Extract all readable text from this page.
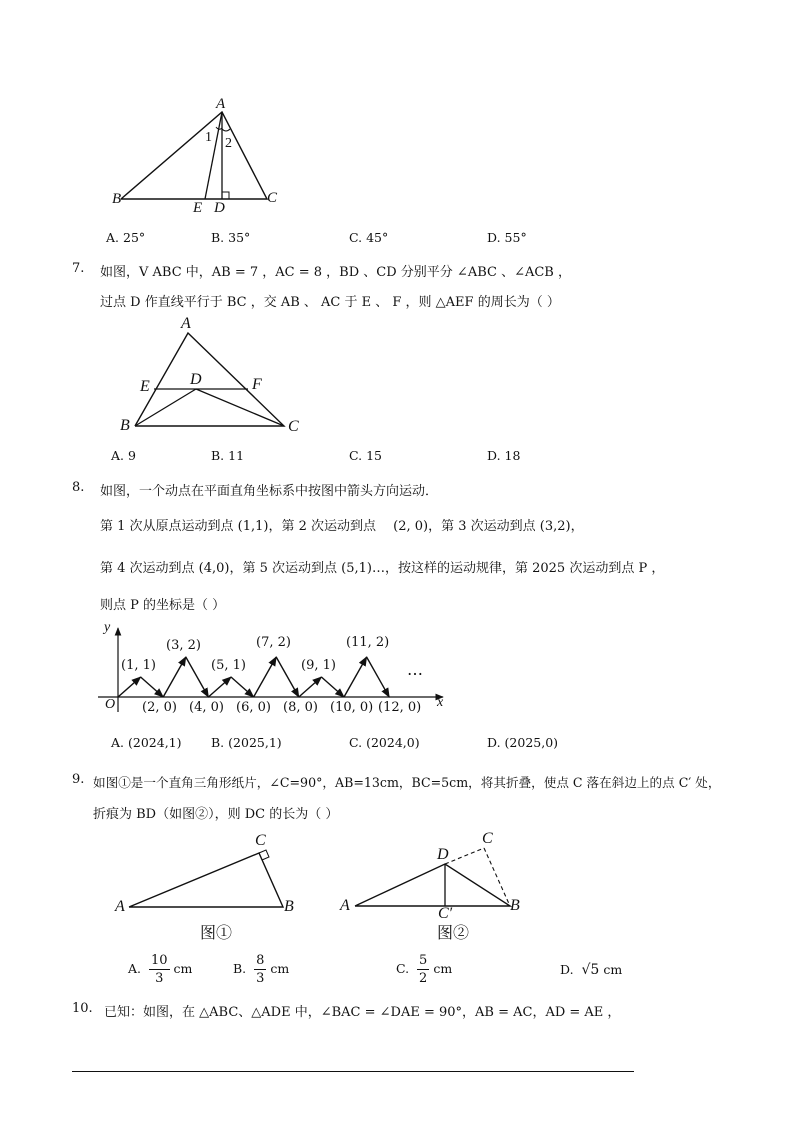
A
B	C
D
E
1 2
A. 25°	B. 35°	C. 45°	D. 55°
7. 如图，V ABC 中，AB = 7 ，AC = 8 ，BD 、CD 分别平分 ∠ABC 、∠ACB ，
过点 D 作直线平行于 BC ，交 AB 、 AC 于 E 、 F ，则 △AEF 的周长为（ ）
A
B	C
D
E	F
A. 9	B. 11	C. 15	D. 18
8. 如图，一个动点在平面直角坐标系中按图中箭头方向运动．
第 1 次从原点运动到点 (1,1)，第 2 次运动到点　 (2, 0)，第 3 次运动到点 (3,2)，
第 4 次运动到点 (4,0)，第 5 次运动到点 (5,1)…，按这样的运动规律，第 2025 次运动到点 P ，
则点 P 的坐标是（ ）
y
x
O
…
(1, 1)
(3, 2)
(5, 1)
(7, 2)
(9, 1)
(11, 2)
(2, 0) (4, 0) (6, 0) (8, 0) (10, 0) (12, 0)
A. (2024,1) B. (2025,1)	C. (2024,0)	D. (2025,0)
9. 如图①是一个直角三角形纸片，∠C=90°，AB=13cm，BC=5cm，将其折叠，使点 C 落在斜边上的点 C′ 处，
折痕为 BD（如图②），则 DC 的长为（ ）
A	B
C
图①
A	B
C
D
C′
图②
A. $\frac{10}{3}$ cm	B. $\frac{8}{3}$ cm	C. $\frac{5}{2}$ cm	D. √5 cm
10. 已知：如图，在 △ABC、△ADE 中，∠BAC = ∠DAE = 90°，AB = AC，AD = AE ，
